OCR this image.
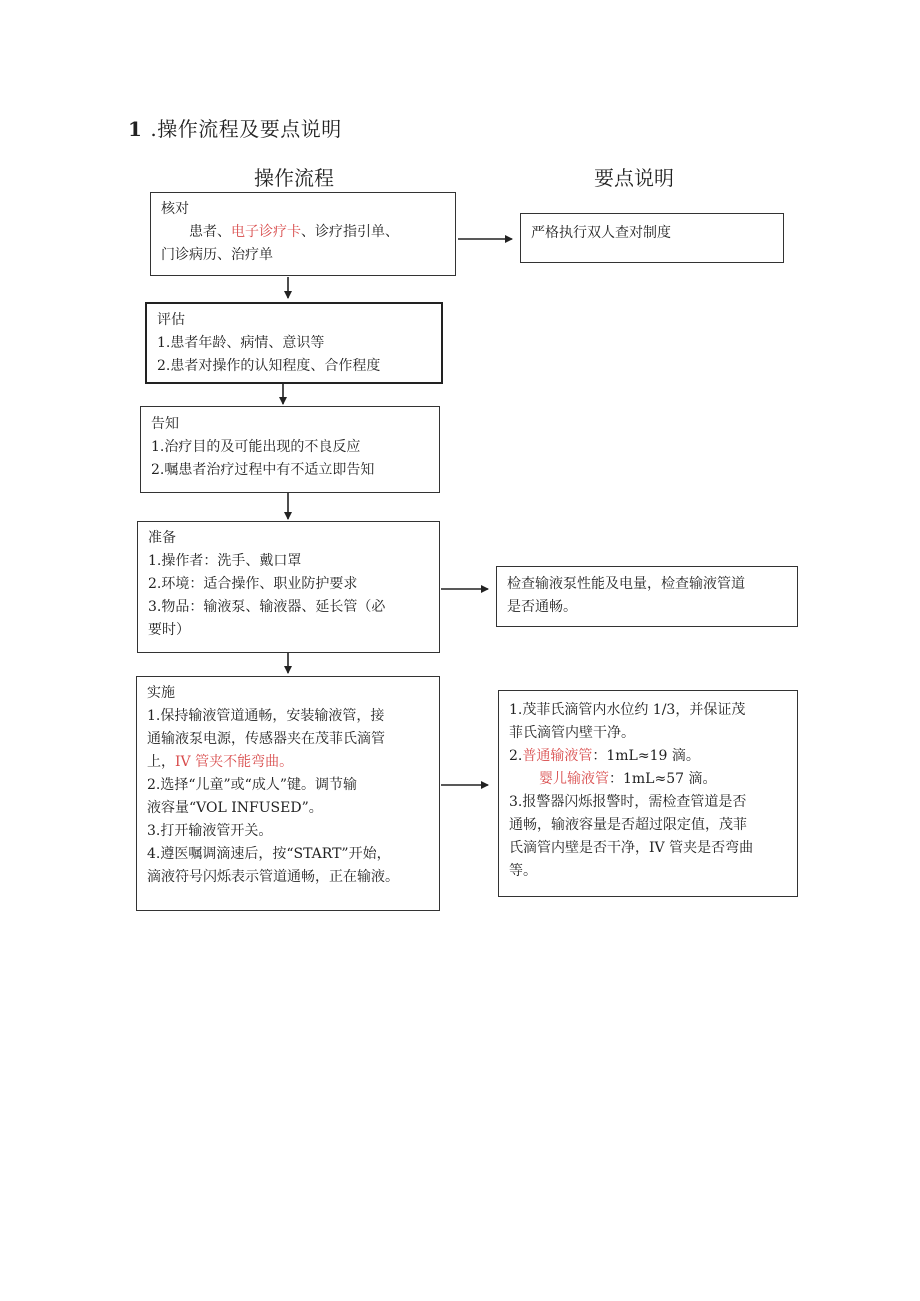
1 .操作流程及要点说明
操作流程	要点说明
核对
患者、电子诊疗卡、诊疗指引单、
门诊病历、治疗单
严格执行双人查对制度
评估
1.患者年龄、病情、意识等
2.患者对操作的认知程度、合作程度
告知
1.治疗目的及可能出现的不良反应
2.嘱患者治疗过程中有不适立即告知
准备
1.操作者：洗手、戴口罩
2.环境：适合操作、职业防护要求
3.物品：输液泵、输液器、延长管（必
要时）
检查输液泵性能及电量，检查输液管道
是否通畅。
实施
1.保持输液管道通畅，安装输液管，接
通输液泵电源，传感器夹在茂菲氏滴管
上，IV 管夹不能弯曲。
2.选择“儿童”或“成人”键。调节输
液容量“VOL INFUSED”。
3.打开输液管开关。
4.遵医嘱调滴速后，按“START”开始，
滴液符号闪烁表示管道通畅，正在输液。
1.茂菲氏滴管内水位约 1/3，并保证茂
菲氏滴管内壁干净。
2.普通输液管：1mL≈19 滴。
婴儿输液管：1mL≈57 滴。
3.报警器闪烁报警时，需检查管道是否
通畅，输液容量是否超过限定值，茂菲
氏滴管内壁是否干净，IV 管夹是否弯曲
等。
